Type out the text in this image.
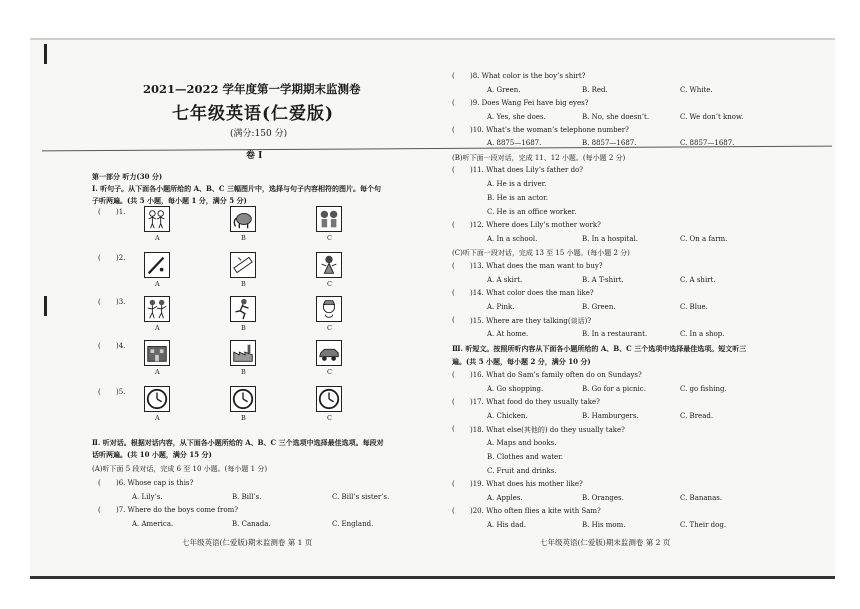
2021—2022 学年度第一学期期末监测卷
七年级英语(仁爱版)
(满分:150 分)
卷 Ⅰ
第一部分 听力(30 分)
Ⅰ. 听句子。从下面各小题所给的 A、B、C 三幅图片中，选择与句子内容相符的图片。每个句
子听两遍。(共 5 小题，每小题 1 分，满分 5 分)
( )1.
A	B	C
( )2.
A	B	C
( )3.
A	B	C
( )4.
A	B	C
( )5.
A	B	C
Ⅱ. 听对话。根据对话内容，从下面各小题所给的 A、B、C 三个选项中选择最佳选项。每段对
话听两遍。(共 10 小题，满分 15 分)
(A)听下面 5 段对话，完成 6 至 10 小题。(每小题 1 分)
( )6. Whose cap is this?
A. Lily’s.	B. Bill’s.	C. Bill’s sister’s.
( )7. Where do the boys come from?
A. America.	B. Canada.	C. England.
七年级英语(仁爱版)期末监测卷 第 1 页
( )8. What color is the boy’s shirt?
A. Green.	B. Red.	C. White.
( )9. Does Wang Fei have big eyes?
A. Yes, she does.	B. No, she doesn’t.	C. We don’t know.
( )10. What’s the woman’s telephone number?
A. 8875—1687.	B. 8857—1687.	C. 8857—1687.
(B)听下面一段对话，完成 11、12 小题。(每小题 2 分)
( )11. What does Lily’s father do?
A. He is a driver.
B. He is an actor.
C. He is an office worker.
( )12. Where does Lily’s mother work?
A. In a school.	B. In a hospital.	C. On a farm.
(C)听下面一段对话，完成 13 至 15 小题。(每小题 2 分)
( )13. What does the man want to buy?
A. A skirt.	B. A T-shirt.	C. A shirt.
( )14. What color does the man like?
A. Pink.	B. Green.	C. Blue.
( )15. Where are they talking(谈话)?
A. At home.	B. In a restaurant.	C. In a shop.
Ⅲ. 听短文。按照所听内容从下面各小题所给的 A、B、C 三个选项中选择最佳选项。短文听三
遍。(共 5 小题，每小题 2 分，满分 10 分)
( )16. What do Sam’s family often do on Sundays?
A. Go shopping.	B. Go for a picnic.	C. go fishing.
( )17. What food do they usually take?
A. Chicken.	B. Hamburgers.	C. Bread.
( )18. What else(其他的) do they usually take?
A. Maps and books.
B. Clothes and water.
C. Fruit and drinks.
( )19. What does his mother like?
A. Apples.	B. Oranges.	C. Bananas.
( )20. Who often flies a kite with Sam?
A. His dad.	B. His mom.	C. Their dog.
七年级英语(仁爱版)期末监测卷 第 2 页
